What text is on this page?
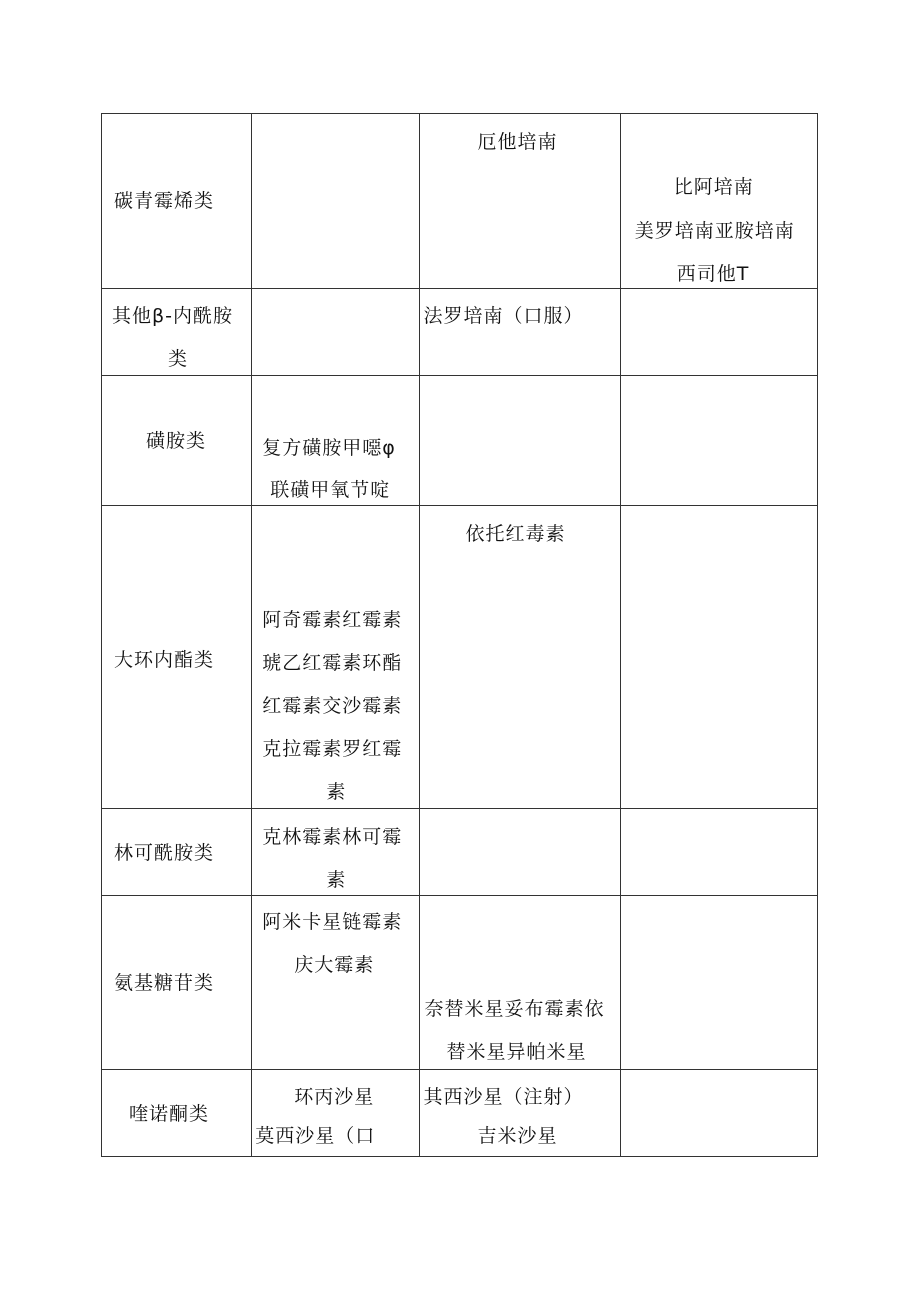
碳青霉烯类		厄他培南	比阿培南
美罗培南亚胺培南
西司他T

其他β-内酰胺
类		法罗培南（口服）	

磺胺类	复方磺胺甲噁φ
联磺甲氧节啶		

大环内酯类	阿奇霉素红霉素
琥乙红霉素环酯
红霉素交沙霉素
克拉霉素罗红霉
素	依托红毒素	

林可酰胺类	克林霉素林可霉
素		

氨基糖苷类	阿米卡星链霉素
庆大霉素	奈替米星妥布霉素依
替米星异帕米星	

喹诺酮类	环丙沙星
莫西沙星（口	其西沙星（注射）
吉米沙星	
